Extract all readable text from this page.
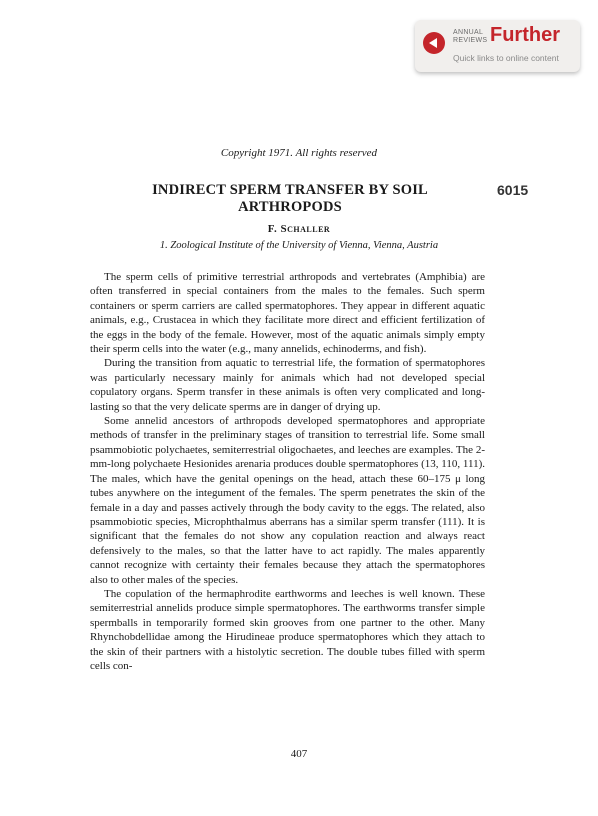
ANNUAL
REVIEWS Further
Quick links to online content
Copyright 1971. All rights reserved
INDIRECT SPERM TRANSFER BY SOIL
ARTHROPODS
6015
F. Schaller
1. Zoological Institute of the University of Vienna, Vienna, Austria

The sperm cells of primitive terrestrial arthropods and vertebrates (Amphibia) are often transferred in special containers from the males to the females. Such sperm containers or sperm carriers are called spermatophores. They appear in different aquatic animals, e.g., Crustacea in which they facilitate more direct and efficient fertilization of the eggs in the body of the female. However, most of the aquatic animals simply empty their sperm cells into the water (e.g., many annelids, echinoderms, and fish).

During the transition from aquatic to terrestrial life, the formation of spermatophores was particularly necessary mainly for animals which had not developed special copulatory organs. Sperm transfer in these animals is often very complicated and long-lasting so that the very delicate sperms are in danger of drying up.

Some annelid ancestors of arthropods developed spermatophores and appropriate methods of transfer in the preliminary stages of transition to terrestrial life. Some small psammobiotic polychaetes, semiterrestrial oligochaetes, and leeches are examples. The 2-mm-long polychaete Hesionides arenaria produces double spermatophores (13, 110, 111). The males, which have the genital openings on the head, attach these 60–175 μ long tubes anywhere on the integument of the females. The sperm penetrates the skin of the female in a day and passes actively through the body cavity to the eggs. The related, also psammobiotic species, Microphthalmus aberrans has a similar sperm transfer (111). It is significant that the females do not show any copulation reaction and always react defensively to the males, so that the latter have to act rapidly. The males apparently cannot recognize with certainty their females because they attach the spermatophores also to other males of the species.

The copulation of the hermaphrodite earthworms and leeches is well known. These semiterrestrial annelids produce simple spermatophores. The earthworms transfer simple spermballs in temporarily formed skin grooves from one partner to the other. Many Rhynchobdellidae among the Hirudineae produce spermatophores which they attach to the skin of their partners with a histolytic secretion. The double tubes filled with sperm cells con-

407
